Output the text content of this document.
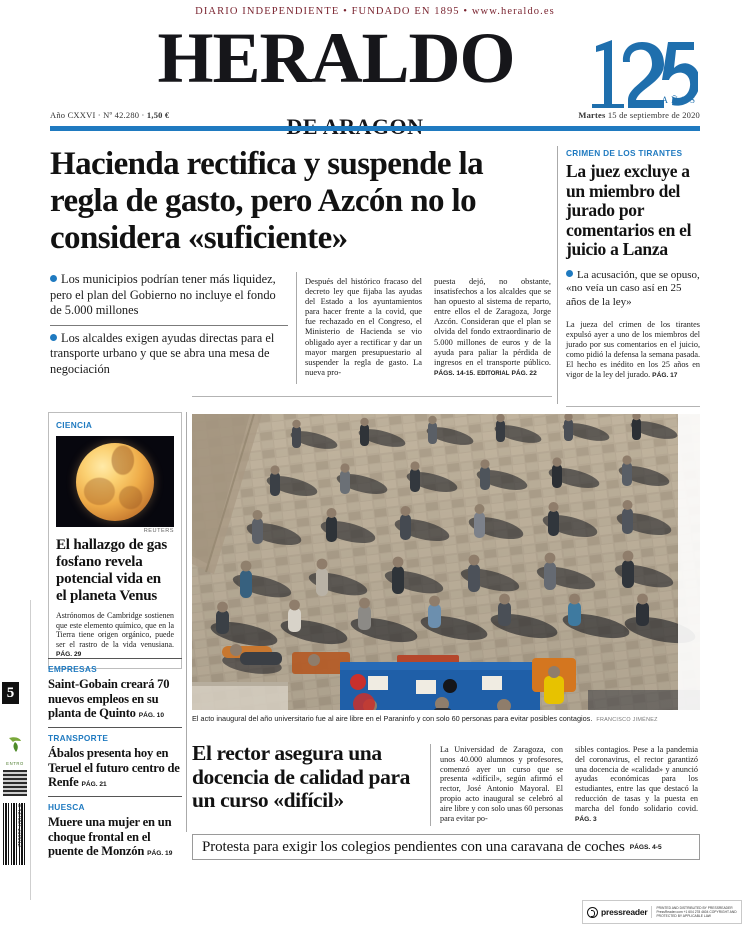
DIARIO INDEPENDIENTE • FUNDADO EN 1895 • www.heraldo.es
HERALDO
AÑOS
Año CXXVI · Nº 42.280 · 1,50 €	Martes 15 de septiembre de 2020
Hacienda rectifica y suspende la regla de gasto, pero Azcón no lo considera «suficiente»
Los municipios podrían tener más liquidez, pero el plan del Gobierno no incluye el fondo de 5.000 millones
Los alcaldes exigen ayudas directas para el transporte urbano y que se abra una mesa de negociación
Después del histórico fracaso del decreto ley que fijaba las ayudas del Estado a los ayuntamientos para hacer frente a la covid, que fue rechazado en el Congreso, el Ministerio de Hacienda se vio obligado ayer a rectificar y dar un mayor margen presupuestario al suspender la regla de gasto. La nueva pro-
puesta dejó, no obstante, insatisfechos a los alcaldes que se han opuesto al sistema de reparto, entre ellos el de Zaragoza, Jorge Azcón. Consideran que el plan se olvida del fondo extraordinario de 5.000 millones de euros y de la ayuda para paliar la pérdida de ingresos en el transporte público. PÁGS. 14-15. EDITORIAL PÁG. 22
CRIMEN DE LOS TIRANTES
La juez excluye a un miembro del jurado por comentarios en el juicio a Lanza
La acusación, que se opuso, «no veía un caso así en 25 años de la ley»
La jueza del crimen de los tirantes expulsó ayer a uno de los miembros del jurado por sus comentarios en el juicio, como pidió la defensa la semana pasada. El hecho es inédito en los 25 años en vigor de la ley del jurado. PÁG. 17
CIENCIA
REUTERS
El hallazgo de gas fosfano revela potencial vida en el planeta Venus
Astrónomos de Cambridge sostienen que este elemento químico, que en la Tierra tiene origen orgánico, puede ser el rastro de la vida venusiana. PÁG. 29
EMPRESAS
Saint-Gobain creará 70 nuevos empleos en su planta de Quinto PÁG. 10
TRANSPORTE
Ábalos presenta hoy en Teruel el futuro centro de Renfe PÁG. 21
HUESCA
Muere una mujer en un choque frontal en el puente de Monzón PÁG. 19
El acto inaugural del año universitario fue al aire libre en el Paraninfo y con solo 60 personas para evitar posibles contagios. FRANCISCO JIMÉNEZ
El rector asegura una docencia de calidad para un curso «difícil»
La Universidad de Zaragoza, con unos 40.000 alumnos y profesores, comenzó ayer un curso que se presenta «difícil», según afirmó el rector, José Antonio Mayoral. El propio acto inaugural se celebró al aire libre y con solo unas 60 personas para evitar po-
sibles contagios. Pese a la pandemia del coronavirus, el rector garantizó una docencia de «calidad» y anunció ayudas económicas para los estudiantes, entre las que destacó la reducción de tasas y la puesta en marcha del fondo solidario covid. PÁG. 3
Protesta para exigir los colegios pendientes con una caravana de coches PÁGS. 4-5
5
ENTRO
8 437007 219012
pressreader	PRINTED AND DISTRIBUTED BY PRESSREADER PressReader.com +1 604 278 4604 COPYRIGHT AND PROTECTED BY APPLICABLE LAW
